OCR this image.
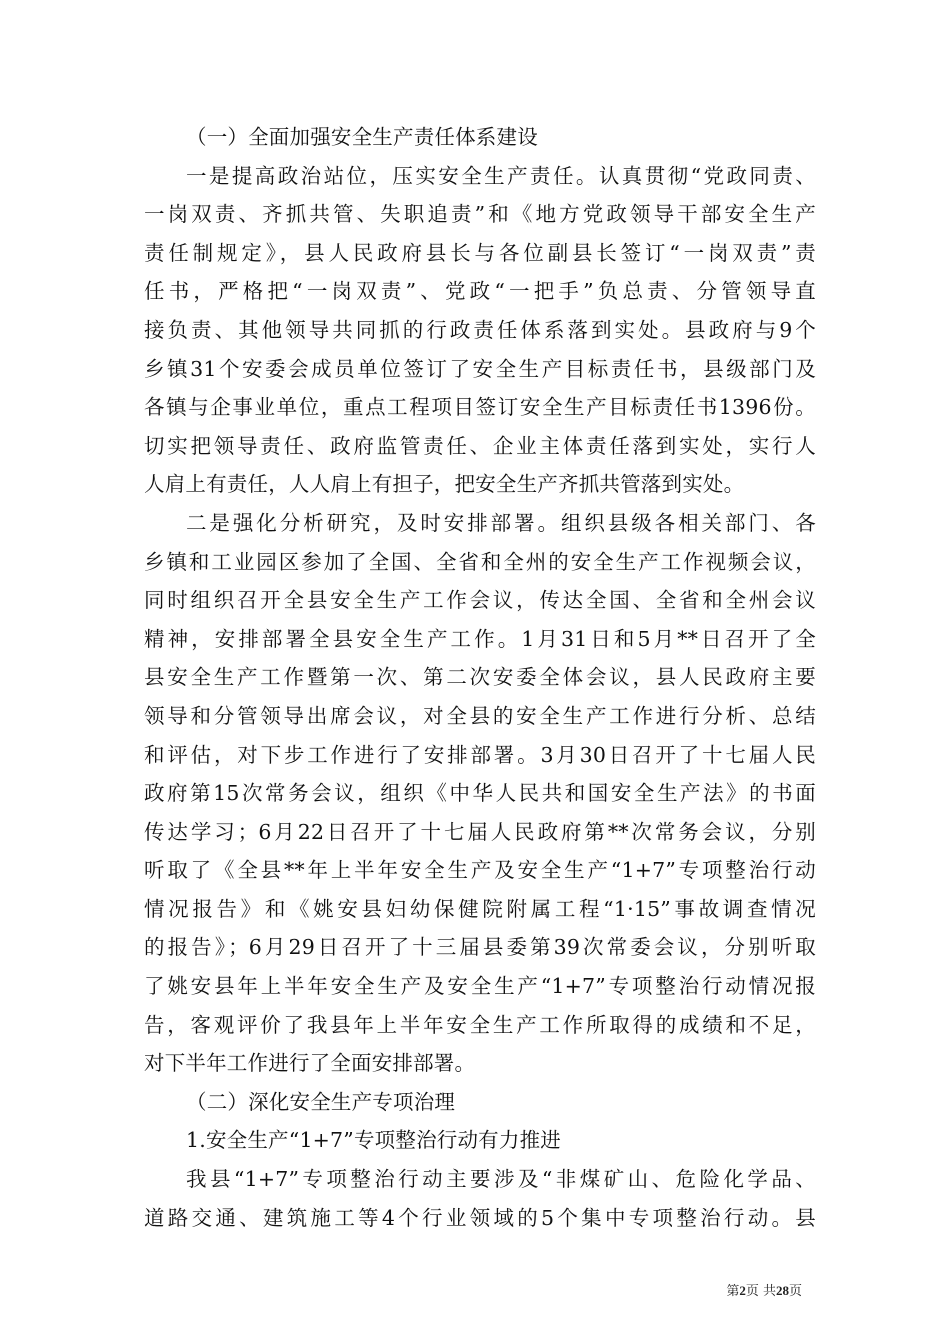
（一）全面加强安全生产责任体系建设
一是提高政治站位，压实安全生产责任。认真贯彻“党政同责、
一岗双责、齐抓共管、失职追责”和《地方党政领导干部安全生产
责任制规定》，县人民政府县长与各位副县长签订“一岗双责”责
任书，严格把“一岗双责”、党政“一把手”负总责、分管领导直
接负责、其他领导共同抓的行政责任体系落到实处。县政府与9个
乡镇31个安委会成员单位签订了安全生产目标责任书，县级部门及
各镇与企事业单位，重点工程项目签订安全生产目标责任书1396份。
切实把领导责任、政府监管责任、企业主体责任落到实处，实行人
人肩上有责任，人人肩上有担子，把安全生产齐抓共管落到实处。
二是强化分析研究，及时安排部署。组织县级各相关部门、各
乡镇和工业园区参加了全国、全省和全州的安全生产工作视频会议，
同时组织召开全县安全生产工作会议，传达全国、全省和全州会议
精神，安排部署全县安全生产工作。1月31日和5月**日召开了全
县安全生产工作暨第一次、第二次安委全体会议，县人民政府主要
领导和分管领导出席会议，对全县的安全生产工作进行分析、总结
和评估，对下步工作进行了安排部署。3月30日召开了十七届人民
政府第15次常务会议，组织《中华人民共和国安全生产法》的书面
传达学习；6月22日召开了十七届人民政府第**次常务会议，分别
听取了《全县**年上半年安全生产及安全生产“1+7”专项整治行动
情况报告》和《姚安县妇幼保健院附属工程“1·15”事故调查情况
的报告》；6月29日召开了十三届县委第39次常委会议，分别听取
了姚安县年上半年安全生产及安全生产“1+7”专项整治行动情况报
告，客观评价了我县年上半年安全生产工作所取得的成绩和不足，
对下半年工作进行了全面安排部署。
（二）深化安全生产专项治理
1.安全生产“1+7”专项整治行动有力推进
我县“1+7”专项整治行动主要涉及“非煤矿山、危险化学品、
道路交通、建筑施工等4个行业领域的5个集中专项整治行动。县
第2页 共28页
